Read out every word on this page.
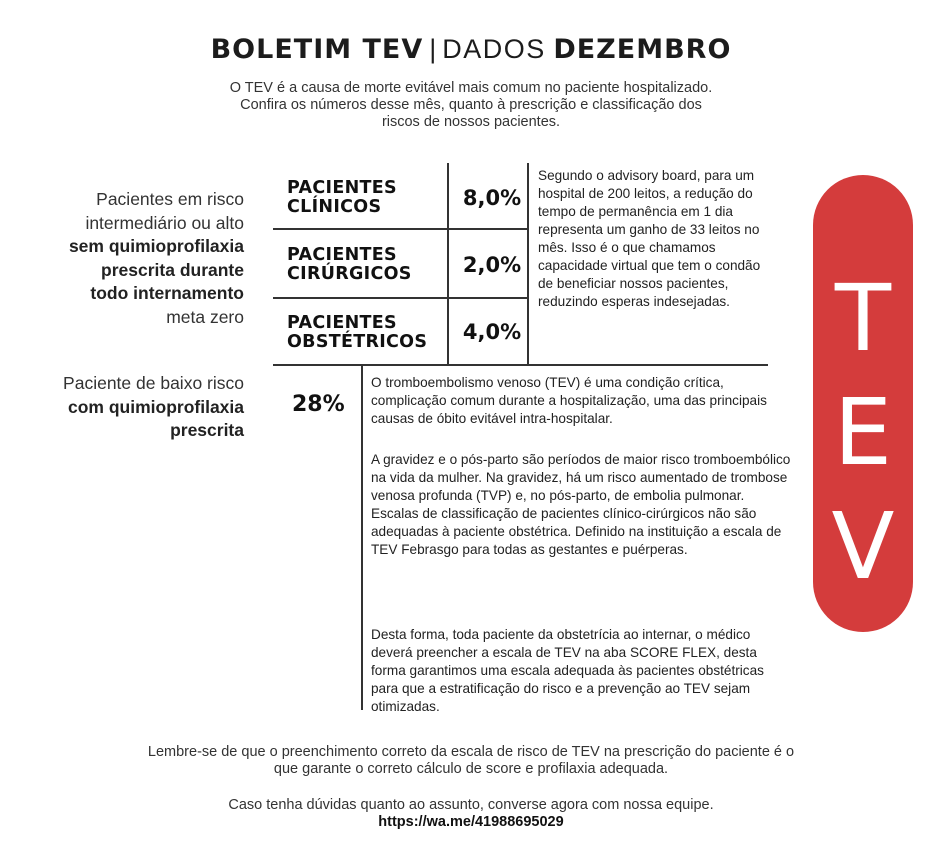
BOLETIM TEV | DADOS DEZEMBRO
O TEV é a causa de morte evitável mais comum no paciente hospitalizado.
Confira os números desse mês, quanto à prescrição e classificação dos
riscos de nossos pacientes.
Pacientes em risco
intermediário ou alto
sem quimioprofilaxia
prescrita durante
todo internamento
meta zero
Paciente de baixo risco
com quimioprofilaxia
prescrita
PACIENTES
CLÍNICOS	8,0%
PACIENTES
CIRÚRGICOS	2,0%
PACIENTES
OBSTÉTRICOS	4,0%
Segundo o advisory board, para um hospital de 200 leitos, a redução do tempo de permanência em 1 dia representa um ganho de 33 leitos no mês. Isso é o que chamamos capacidade virtual que tem o condão de beneficiar nossos pacientes, reduzindo esperas indesejadas.
28%
O tromboembolismo venoso (TEV) é uma condição crítica, complicação comum durante a hospitalização, uma das principais causas de óbito evitável intra-hospitalar.
A gravidez e o pós-parto são períodos de maior risco tromboembólico na vida da mulher. Na gravidez, há um risco aumentado de trombose venosa profunda (TVP) e, no pós-parto, de embolia pulmonar. Escalas de classificação de pacientes clínico-cirúrgicos não são adequadas à paciente obstétrica. Definido na instituição a escala de TEV Febrasgo para todas as gestantes e puérperas.
Desta forma, toda paciente da obstetrícia ao internar, o médico deverá preencher a escala de TEV na aba SCORE FLEX, desta forma garantimos uma escala adequada às pacientes obstétricas para que a estratificação do risco e a prevenção ao TEV sejam otimizadas.
T
E
V
Lembre-se de que o preenchimento correto da escala de risco de TEV na prescrição do paciente é o
que garante o correto cálculo de score e profilaxia adequada.
Caso tenha dúvidas quanto ao assunto, converse agora com nossa equipe.
https://wa.me/41988695029
